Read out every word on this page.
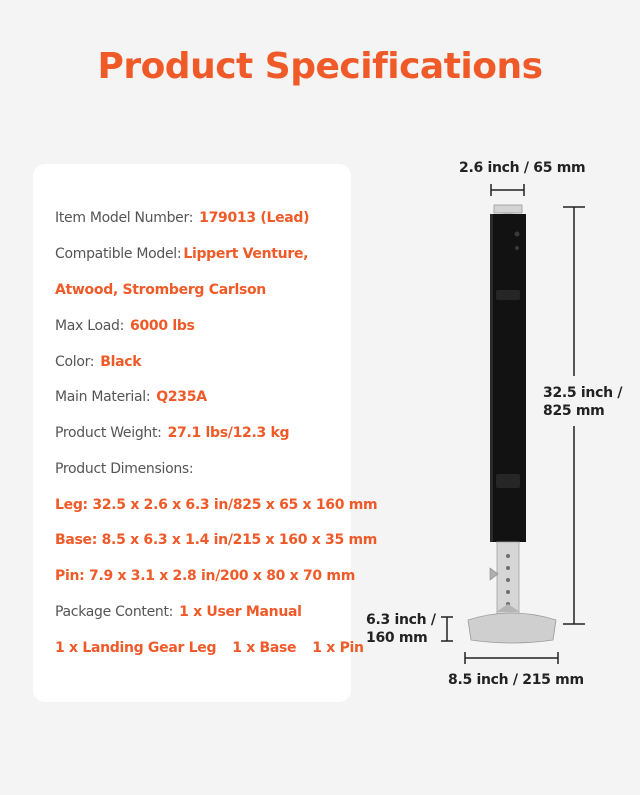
Product Specifications
Item Model Number: 179013 (Lead)
Compatible Model: Lippert Venture,
Atwood, Stromberg Carlson
Max Load: 6000 lbs
Color: Black
Main Material: Q235A
Product Weight: 27.1 lbs/12.3 kg
Product Dimensions:
Leg: 32.5 x 2.6 x 6.3 in/825 x 65 x 160 mm
Base: 8.5 x 6.3 x 1.4 in/215 x 160 x 35 mm
Pin: 7.9 x 3.1 x 2.8 in/200 x 80 x 70 mm
Package Content: 1 x User Manual
1 x Landing Gear Leg 1 x Base 1 x Pin
2.6 inch / 65 mm
32.5 inch /
825 mm
6.3 inch /
160 mm
8.5 inch / 215 mm
